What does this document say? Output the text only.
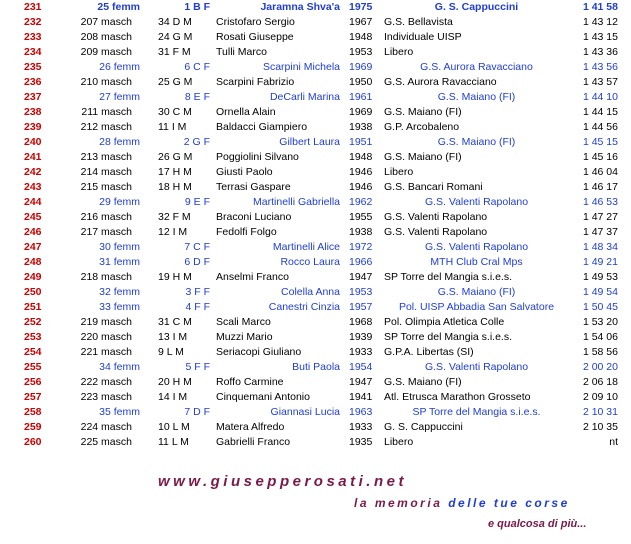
231	25 femm	1 B F	Jaramna Shva'a 1975	G. S. Cappuccini	1 41 58
232	207 masch 34 D M	Cristofaro Sergio	1967	G.S. Bellavista	1 43 12
233	208 masch 24 G M	Rosati Giuseppe	1948	Individuale UISP	1 43 15
234	209 masch 31 F M	Tulli Marco	1953	Libero	1 43 36
235	26 femm	6 C F	Scarpini Michela 1969	G.S. Aurora Ravacciano	1 43 56
236	210 masch 25 G M	Scarpini Fabrizio	1950	G.S. Aurora Ravacciano	1 43 57
237	27 femm	8 E F	DeCarli Marina 1961	G.S. Maiano (FI)	1 44 10
238	211 masch 30 C M	Ornella Alain	1969	G.S. Maiano (FI)	1 44 15
239	212 masch 11 I M	Baldacci Giampiero	1938	G.P. Arcobaleno	1 44 56
240	28 femm	2 G F	Gilbert Laura 1951	G.S. Maiano (FI)	1 45 15
241	213 masch 26 G M	Poggiolini Silvano	1948	G.S. Maiano (FI)	1 45 16
242	214 masch 17 H M	Giusti Paolo	1946	Libero	1 46 04
243	215 masch 18 H M	Terrasi Gaspare	1946	G.S. Bancari Romani	1 46 17
244	29 femm	9 E F	Martinelli Gabriella 1962	G.S. Valenti Rapolano	1 46 53
245	216 masch 32 F M	Braconi Luciano	1955	G.S. Valenti Rapolano	1 47 27
246	217 masch 12 I M	Fedolfi Folgo	1938	G.S. Valenti Rapolano	1 47 37
247	30 femm	7 C F	Martinelli Alice 1972	G.S. Valenti Rapolano	1 48 34
248	31 femm	6 D F	Rocco Laura 1966	MTH Club Cral Mps	1 49 21
249	218 masch 19 H M	Anselmi Franco	1947	SP Torre del Mangia s.i.e.s.	1 49 53
250	32 femm	3 F F	Colella Anna 1953	G.S. Maiano (FI)	1 49 54
251	33 femm	4 F F	Canestri Cinzia 1957	Pol. UISP Abbadia San Salvatore	1 50 45
252	219 masch 31 C M	Scali Marco	1968	Pol. Olimpia Atletica Colle	1 53 20
253	220 masch 13 I M	Muzzi Mario	1939	SP Torre del Mangia s.i.e.s.	1 54 06
254	221 masch 9 L M	Seriacopi Giuliano	1933	G.P.A. Libertas (SI)	1 58 56
255	34 femm	5 F F	Buti Paola 1954	G.S. Valenti Rapolano	2 00 20
256	222 masch 20 H M	Roffo Carmine	1947	G.S. Maiano (FI)	2 06 18
257	223 masch 14 I M	Cinquemani Antonio	1941	Atl. Etrusca Marathon Grosseto	2 09 10
258	35 femm	7 D F	Giannasi Lucia 1963	SP Torre del Mangia s.i.e.s.	2 10 31
259	224 masch 10 L M	Matera Alfredo	1933	G. S. Cappuccini	2 10 35
260	225 masch 11 L M	Gabrielli Franco	1935	Libero	nt
www.giusepperosati.net
la memoria delle tue corse
e qualcosa di più...
